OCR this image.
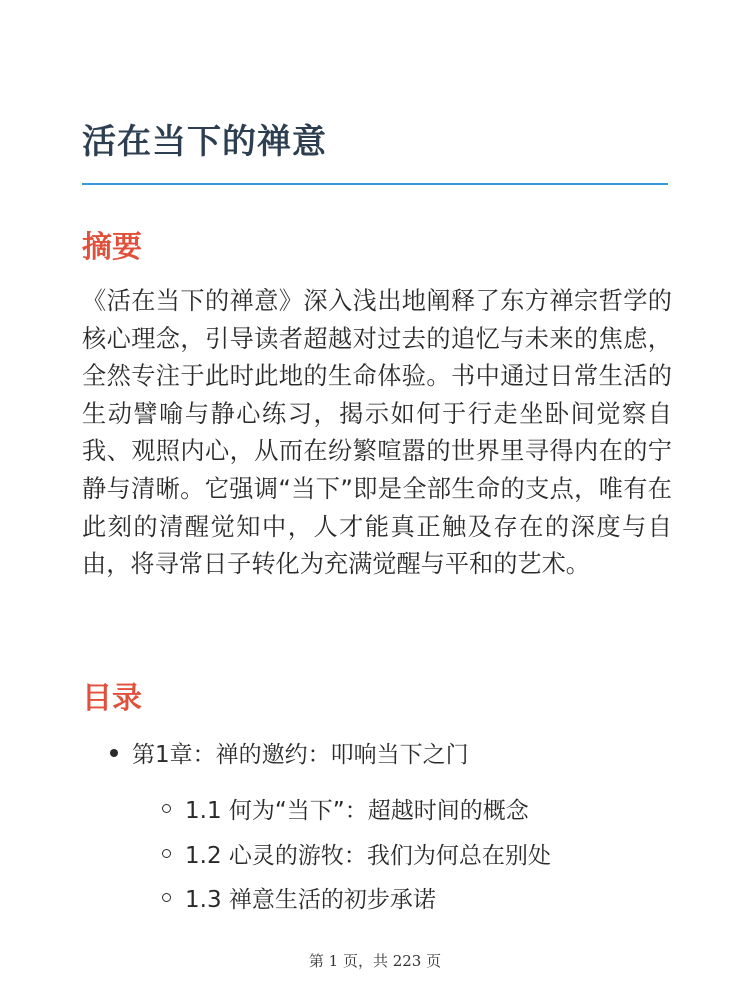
活在当下的禅意
摘要

《活在当下的禅意》深入浅出地阐释了东方禅宗哲学的核心理念，引导读者超越对过去的追忆与未来的焦虑，全然专注于此时此地的生命体验。书中通过日常生活的生动譬喻与静心练习，揭示如何于行走坐卧间觉察自我、观照内心，从而在纷繁喧嚣的世界里寻得内在的宁静与清晰。它强调“当下”即是全部生命的支点，唯有在此刻的清醒觉知中，人才能真正触及存在的深度与自由，将寻常日子转化为充满觉醒与平和的艺术。

目录
第1章：禅的邀约：叩响当下之门
1.1 何为“当下”：超越时间的概念
1.2 心灵的游牧：我们为何总在别处
1.3 禅意生活的初步承诺
第 1 页，共 223 页
